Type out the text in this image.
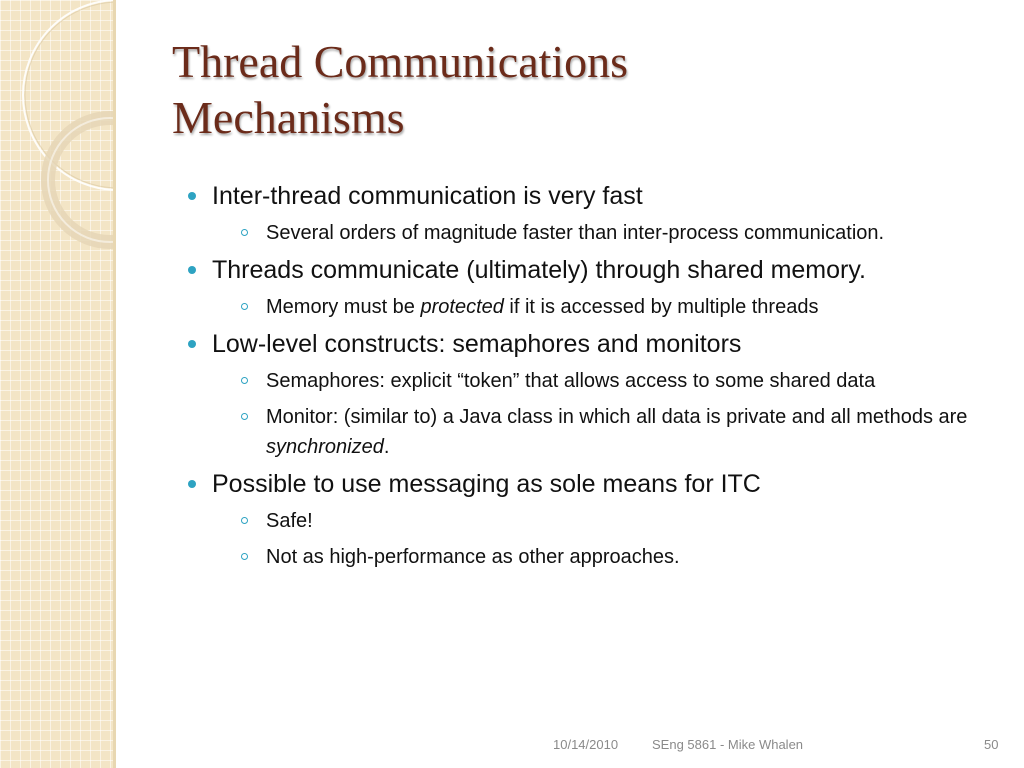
Thread Communications
Mechanisms
Inter-thread communication is very fast
Several orders of magnitude faster than inter-process communication.
Threads communicate (ultimately) through shared memory.
Memory must be protected if it is accessed by multiple threads
Low-level constructs: semaphores and monitors
Semaphores: explicit “token” that allows access to some shared data
Monitor: (similar to) a Java class in which all data is private and all methods are synchronized.
Possible to use messaging as sole means for ITC
Safe!
Not as high-performance as other approaches.
10/14/2010	SEng 5861 - Mike Whalen	50
